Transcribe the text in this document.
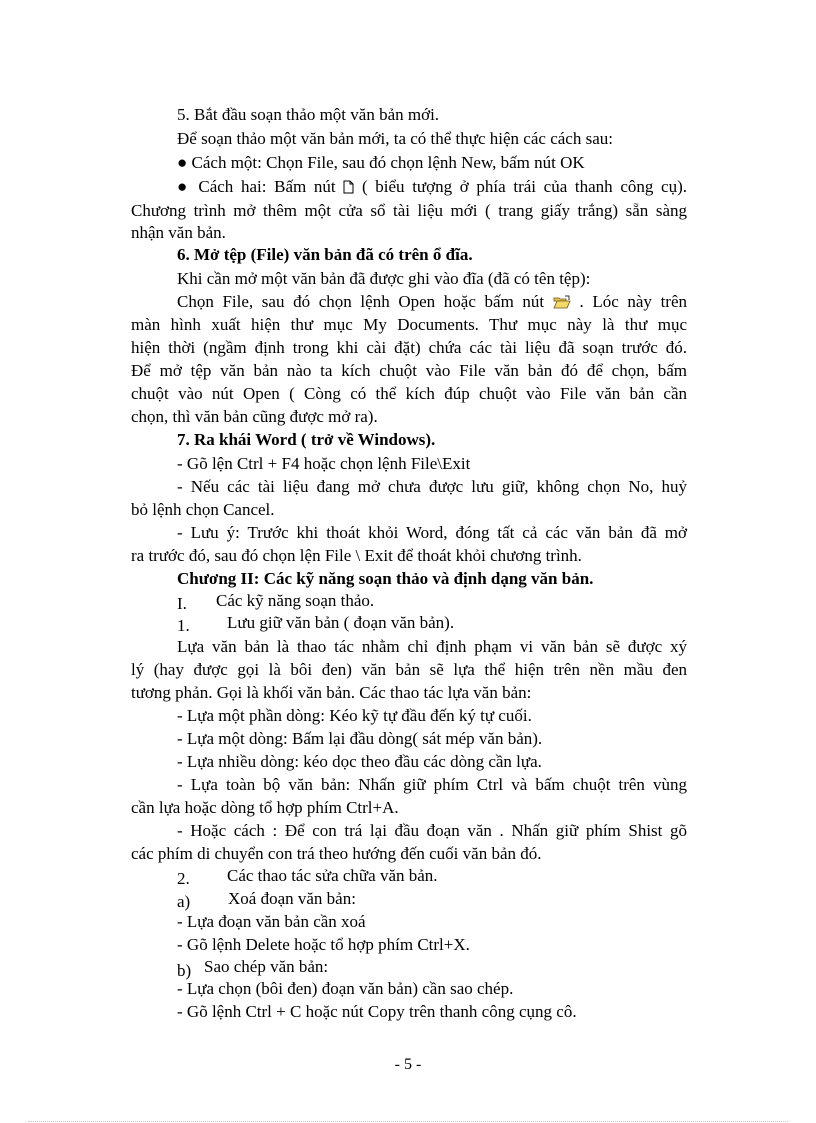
5. Bắt đầu soạn thảo một văn bản mới.
Để soạn thảo một văn bản mới, ta có thể thực hiện các cách sau:
● Cách một: Chọn File, sau đó chọn lệnh New, bấm nút OK
● Cách hai: Bấm nút ( biểu tượng ở phía trái của thanh công cụ).
Chương trình mở thêm một cửa sổ tài liệu mới ( trang giấy trắng) sẵn sàng
nhận văn bản.
6. Mở tệp (File) văn bản đã có trên ổ đĩa.
Khi cần mở một văn bản đã được ghi vào đĩa (đã có tên tệp):
Chọn File, sau đó chọn lệnh Open hoặc bấm nút . Lóc này trên
màn hình xuất hiện thư mục My Documents. Thư mục này là thư mục
hiện thời (ngầm định trong khi cài đặt) chứa các tài liệu đã soạn trước đó.
Để mở tệp văn bản nào ta kích chuột vào File văn bản đó để chọn, bấm
chuột vào nút Open ( Còng có thể kích đúp chuột vào File văn bản cần
chọn, thì văn bản cũng được mở ra).
7. Ra khái Word ( trở về Windows).
- Gõ lện Ctrl + F4 hoặc chọn lệnh File\Exit
- Nếu các tài liệu đang mở chưa được lưu giữ, không chọn No, huỷ
bỏ lệnh chọn Cancel.
- Lưu ý: Trước khi thoát khỏi Word, đóng tất cả các văn bản đã mở
ra trước đó, sau đó chọn lện File \ Exit để thoát khỏi chương trình.
Chương II: Các kỹ năng soạn thảo và định dạng văn bản.
I.	Các kỹ năng soạn thảo.
1.	Lưu giữ văn bản ( đoạn văn bản).
Lựa văn bản là thao tác nhằm chỉ định phạm vi văn bản sẽ được xý
lý (hay được gọi là bôi đen) văn bản sẽ lựa thể hiện trên nền mầu đen
tương phản. Gọi là khối văn bản. Các thao tác lựa văn bản:
- Lựa một phần dòng: Kéo kỹ tự đầu đến ký tự cuối.
- Lựa một dòng: Bấm lại đầu dòng( sát mép văn bản).
- Lựa nhiều dòng: kéo dọc theo đầu các dòng cần lựa.
- Lựa toàn bộ văn bản: Nhấn giữ phím Ctrl và bấm chuột trên vùng
cần lựa hoặc dòng tổ hợp phím Ctrl+A.
- Hoặc cách : Để con trá lại đầu đoạn văn . Nhấn giữ phím Shist gõ
các phím di chuyển con trá theo hướng đến cuối văn bản đó.
2.	Các thao tác sửa chữa văn bản.
a)	Xoá đoạn văn bản:
- Lựa đoạn văn bản cần xoá
- Gõ lệnh Delete hoặc tổ hợp phím Ctrl+X.
b) Sao chép văn bản:
- Lựa chọn (bôi đen) đoạn văn bản) cần sao chép.
- Gõ lệnh Ctrl + C hoặc nút Copy trên thanh công cụng cô.
- 5 -
